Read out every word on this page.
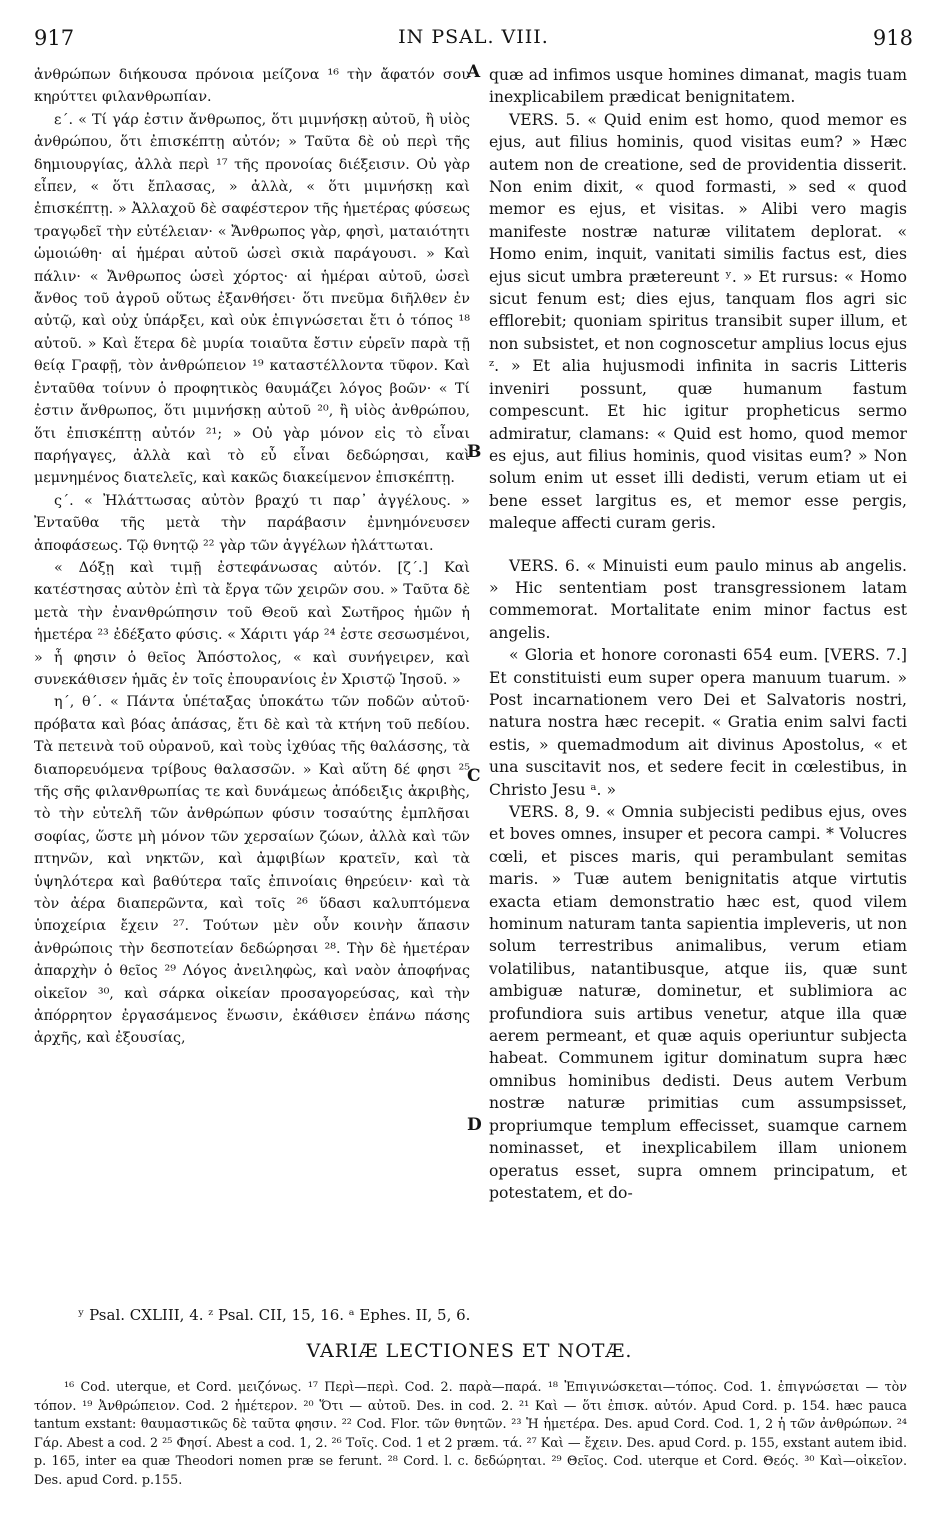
917	IN PSAL. VIII.	918

ἀνθρώπων διήκουσα πρόνοια μείζονα ¹⁶ τὴν ἄφατόν σου κηρύττει φιλανθρωπίαν.

ε´. « Τί γάρ ἐστιν ἄνθρωπος, ὅτι μιμνήσκῃ αὐτοῦ, ἢ υἱὸς ἀνθρώπου, ὅτι ἐπισκέπτῃ αὐτόν; » Ταῦτα δὲ οὐ περὶ τῆς δημιουργίας, ἀλλὰ περὶ ¹⁷ τῆς προνοίας διέξεισιν. Οὐ γὰρ εἶπεν, « ὅτι ἔπλασας, » ἀλλὰ, « ὅτι μιμνήσκῃ καὶ ἐπισκέπτῃ. » Ἀλλαχοῦ δὲ σαφέστερον τῆς ἡμετέρας φύσεως τραγῳδεῖ τὴν εὐτέλειαν· « Ἄνθρωπος γὰρ, φησὶ, ματαιότητι ὡμοιώθη· αἱ ἡμέραι αὐτοῦ ὡσεὶ σκιὰ παράγουσι. » Καὶ πάλιν· « Ἄνθρωπος ὡσεὶ χόρτος· αἱ ἡμέραι αὐτοῦ, ὡσεὶ ἄνθος τοῦ ἀγροῦ οὕτως ἐξανθήσει· ὅτι πνεῦμα διῆλθεν ἐν αὐτῷ, καὶ οὐχ ὑπάρξει, καὶ οὐκ ἐπιγνώσεται ἔτι ὁ τόπος ¹⁸ αὐτοῦ. » Καὶ ἕτερα δὲ μυρία τοιαῦτα ἔστιν εὑρεῖν παρὰ τῇ θείᾳ Γραφῇ, τὸν ἀνθρώπειον ¹⁹ καταστέλλοντα τῦφον. Καὶ ἐνταῦθα τοίνυν ὁ προφητικὸς θαυμάζει λόγος βοῶν· « Τί ἐστιν ἄνθρωπος, ὅτι μιμνήσκῃ αὐτοῦ ²⁰, ἢ υἱὸς ἀνθρώπου, ὅτι ἐπισκέπτῃ αὐτόν ²¹; » Οὐ γὰρ μόνον εἰς τὸ εἶναι παρήγαγες, ἀλλὰ καὶ τὸ εὖ εἶναι δεδώρησαι, καὶ μεμνημένος διατελεῖς, καὶ κακῶς διακείμενον ἐπισκέπτῃ.

ς´. « Ἠλάττωσας αὐτὸν βραχύ τι παρ᾽ ἀγγέλους. » Ἐνταῦθα τῆς μετὰ τὴν παράβασιν ἐμνημόνευσεν ἀποφάσεως. Τῷ θνητῷ ²² γὰρ τῶν ἀγγέλων ἠλάττωται.

« Δόξῃ καὶ τιμῇ ἐστεφάνωσας αὐτόν. [ζ´.] Καὶ κατέστησας αὐτὸν ἐπὶ τὰ ἔργα τῶν χειρῶν σου. » Ταῦτα δὲ μετὰ τὴν ἐνανθρώπησιν τοῦ Θεοῦ καὶ Σωτῆρος ἡμῶν ἡ ἡμετέρα ²³ ἐδέξατο φύσις. « Χάριτι γάρ ²⁴ ἐστε σεσωσμένοι, » ἧ φησιν ὁ θεῖος Ἀπόστολος, « καὶ συνήγειρεν, καὶ συνεκάθισεν ἡμᾶς ἐν τοῖς ἐπουρανίοις ἐν Χριστῷ Ἰησοῦ. »

η´, θ´. « Πάντα ὑπέταξας ὑποκάτω τῶν ποδῶν αὐτοῦ· πρόβατα καὶ βόας ἁπάσας, ἔτι δὲ καὶ τὰ κτήνη τοῦ πεδίου. Τὰ πετεινὰ τοῦ οὐρανοῦ, καὶ τοὺς ἰχθύας τῆς θαλάσσης, τὰ διαπορευόμενα τρίβους θαλασσῶν. » Καὶ αὕτη δέ φησι ²⁵ τῆς σῆς φιλανθρωπίας τε καὶ δυνάμεως ἀπόδειξις ἀκριβὴς, τὸ τὴν εὐτελῆ τῶν ἀνθρώπων φύσιν τοσαύτης ἐμπλῆσαι σοφίας, ὥστε μὴ μόνον τῶν χερσαίων ζώων, ἀλλὰ καὶ τῶν πτηνῶν, καὶ νηκτῶν, καὶ ἀμφιβίων κρατεῖν, καὶ τὰ ὑψηλότερα καὶ βαθύτερα ταῖς ἐπινοίαις θηρεύειν· καὶ τὰ τὸν ἀέρα διαπερῶντα, καὶ τοῖς ²⁶ ὕδασι καλυπτόμενα ὑποχείρια ἔχειν ²⁷. Τούτων μὲν οὖν κοινὴν ἅπασιν ἀνθρώποις τὴν δεσποτείαν δεδώρησαι ²⁸. Τὴν δὲ ἡμετέραν ἀπαρχὴν ὁ θεῖος ²⁹ Λόγος ἀνειληφὼς, καὶ ναὸν ἀποφήνας οἰκεῖον ³⁰, καὶ σάρκα οἰκείαν προσαγορεύσας, καὶ τὴν ἀπόρρητον ἐργασάμενος ἕνωσιν, ἐκάθισεν ἐπάνω πάσης ἀρχῆς, καὶ ἐξουσίας,

A
B
C
D

quæ ad infimos usque homines dimanat, magis tuam inexplicabilem prædicat benignitatem.

VERS. 5. « Quid enim est homo, quod memor es ejus, aut filius hominis, quod visitas eum? » Hæc autem non de creatione, sed de providentia disserit. Non enim dixit, « quod formasti, » sed « quod memor es ejus, et visitas. » Alibi vero magis manifeste nostræ naturæ vilitatem deplorat. « Homo enim, inquit, vanitati similis factus est, dies ejus sicut umbra prætereunt ʸ. » Et rursus: « Homo sicut fenum est; dies ejus, tanquam flos agri sic efflorebit; quoniam spiritus transibit super illum, et non subsistet, et non cognoscetur amplius locus ejus ᶻ. » Et alia hujusmodi infinita in sacris Litteris inveniri possunt, quæ humanum fastum compescunt. Et hic igitur propheticus sermo admiratur, clamans: « Quid est homo, quod memor es ejus, aut filius hominis, quod visitas eum? » Non solum enim ut esset illi dedisti, verum etiam ut ei bene esset largitus es, et memor esse pergis, maleque affecti curam geris.

VERS. 6. « Minuisti eum paulo minus ab angelis. » Hic sententiam post transgressionem latam commemorat. Mortalitate enim minor factus est angelis.

« Gloria et honore coronasti 654 eum. [VERS. 7.] Et constituisti eum super opera manuum tuarum. » Post incarnationem vero Dei et Salvatoris nostri, natura nostra hæc recepit. « Gratia enim salvi facti estis, » quemadmodum ait divinus Apostolus, « et una suscitavit nos, et sedere fecit in cœlestibus, in Christo Jesu ᵃ. »

VERS. 8, 9. « Omnia subjecisti pedibus ejus, oves et boves omnes, insuper et pecora campi. * Volucres cœli, et pisces maris, qui perambulant semitas maris. » Tuæ autem benignitatis atque virtutis exacta etiam demonstratio hæc est, quod vilem hominum naturam tanta sapientia impleveris, ut non solum terrestribus animalibus, verum etiam volatilibus, natantibusque, atque iis, quæ sunt ambiguæ naturæ, dominetur, et sublimiora ac profundiora suis artibus venetur, atque illa quæ aerem permeant, et quæ aquis operiuntur subjecta habeat. Communem igitur dominatum supra hæc omnibus hominibus dedisti. Deus autem Verbum nostræ naturæ primitias cum assumpsisset, propriumque templum effecisset, suamque carnem nominasset, et inexplicabilem illam unionem operatus esset, supra omnem principatum, et potestatem, et do-

ʸ Psal. CXLIII, 4. ᶻ Psal. CII, 15, 16. ᵃ Ephes. II, 5, 6.
VARIÆ LECTIONES ET NOTÆ.

¹⁶ Cod. uterque, et Cord. μειζόνως. ¹⁷ Περὶ—περὶ. Cod. 2. παρὰ—παρά. ¹⁸ Ἐπιγινώσκεται—τόπος. Cod. 1. ἐπιγνώσεται — τὸν τόπον. ¹⁹ Ἀνθρώπειον. Cod. 2 ἡμέτερον. ²⁰ Ὅτι — αὐτοῦ. Des. in cod. 2. ²¹ Καὶ — ὅτι ἐπισκ. αὐτόν. Apud Cord. p. 154. hæc pauca tantum exstant: θαυμαστικῶς δὲ ταῦτα φησιν. ²² Cod. Flor. τῶν θνητῶν. ²³ Ἡ ἡμετέρα. Des. apud Cord. Cod. 1, 2 ἡ τῶν ἀνθρώπων. ²⁴ Γάρ. Abest a cod. 2 ²⁵ Φησί. Abest a cod. 1, 2. ²⁶ Τοῖς. Cod. 1 et 2 præm. τά. ²⁷ Καὶ — ἔχειν. Des. apud Cord. p. 155, exstant autem ibid. p. 165, inter ea quæ Theodori nomen præ se ferunt. ²⁸ Cord. l. c. δεδώρηται. ²⁹ Θεῖος. Cod. uterque et Cord. Θεός. ³⁰ Καὶ—οἰκεῖον. Des. apud Cord. p.155.
